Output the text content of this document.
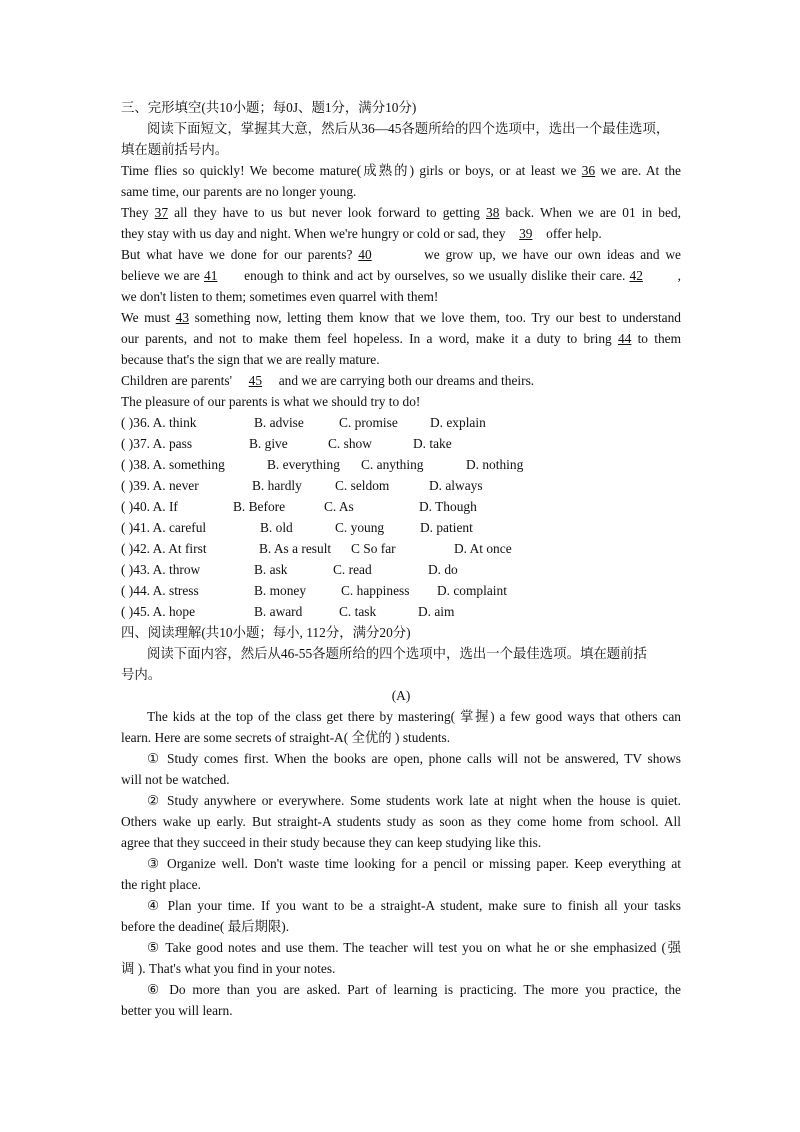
三、完形填空(共10小题；每0J、题1分，满分10分)
阅读下面短文，掌握其大意，然后从36—45各题所给的四个选项中，选出一个最佳选项，
填在题前括号内。
Time flies so quickly! We become mature(成熟的) girls or boys, or at least we 36 we are. At the
same time, our parents are no longer young.
They 37 all they have to us but never look forward to getting 38 back. When we are 01 in bed,
they stay with us day and night. When we're hungry or cold or sad, they 39 offer help.
But what have we done for our parents? 40	we grow up, we have our own ideas and we
believe we are 41 enough to think and act by ourselves, so we usually dislike their care. 42 ,
we don't listen to them; sometimes even quarrel with them!
We must 43 something now, letting them know that we love them, too. Try our best to understand
our parents, and not to make them feel hopeless. In a word, make it a duty to bring 44 to them
because that's the sign that we are really mature.
Children are parents' 45 and we are carrying both our dreams and theirs.
The pleasure of our parents is what we should try to do!
( )36. A. think	B. advise	C. promise D. explain
( )37. A. pass	B. give	C. show	D. take
( )38. A. something	B. everything C. anything	D. nothing
( )39. A. never	B. hardly C. seldom	D. always
( )40. A. If	B. Before	C. As	D. Though
( )41. A. careful	B. old	C. young	D. patient
( )42. A. At first	B. As a result C So far	D. At once
( )43. A. throw	B. ask	C. read	D. do
( )44. A. stress	B. money	C. happiness D. complaint
( )45. A. hope	B. award	C. task	D. aim
四、阅读理解(共10小题；每小, 112分，满分20分)
阅读下面内容，然后从46-55各题所给的四个选项中，选出一个最佳选项。填在题前括
号内。
(A)
The kids at the top of the class get there by mastering( 掌握) a few good ways that others can
learn. Here are some secrets of straight-A( 全优的 ) students.
① Study comes first. When the books are open, phone calls will not be answered, TV shows
will not be watched.
② Study anywhere or everywhere. Some students work late at night when the house is quiet.
Others wake up early. But straight-A students study as soon as they come home from school. All
agree that they succeed in their study because they can keep studying like this.
③ Organize well. Don't waste time looking for a pencil or missing paper. Keep everything at
the right place.
④ Plan your time. If you want to be a straight-A student, make sure to finish all your tasks
before the deadine( 最后期限).
⑤ Take good notes and use them. The teacher will test you on what he or she emphasized (强
调 ). That's what you find in your notes.
⑥ Do more than you are asked. Part of learning is practicing. The more you practice, the
better you will learn.
